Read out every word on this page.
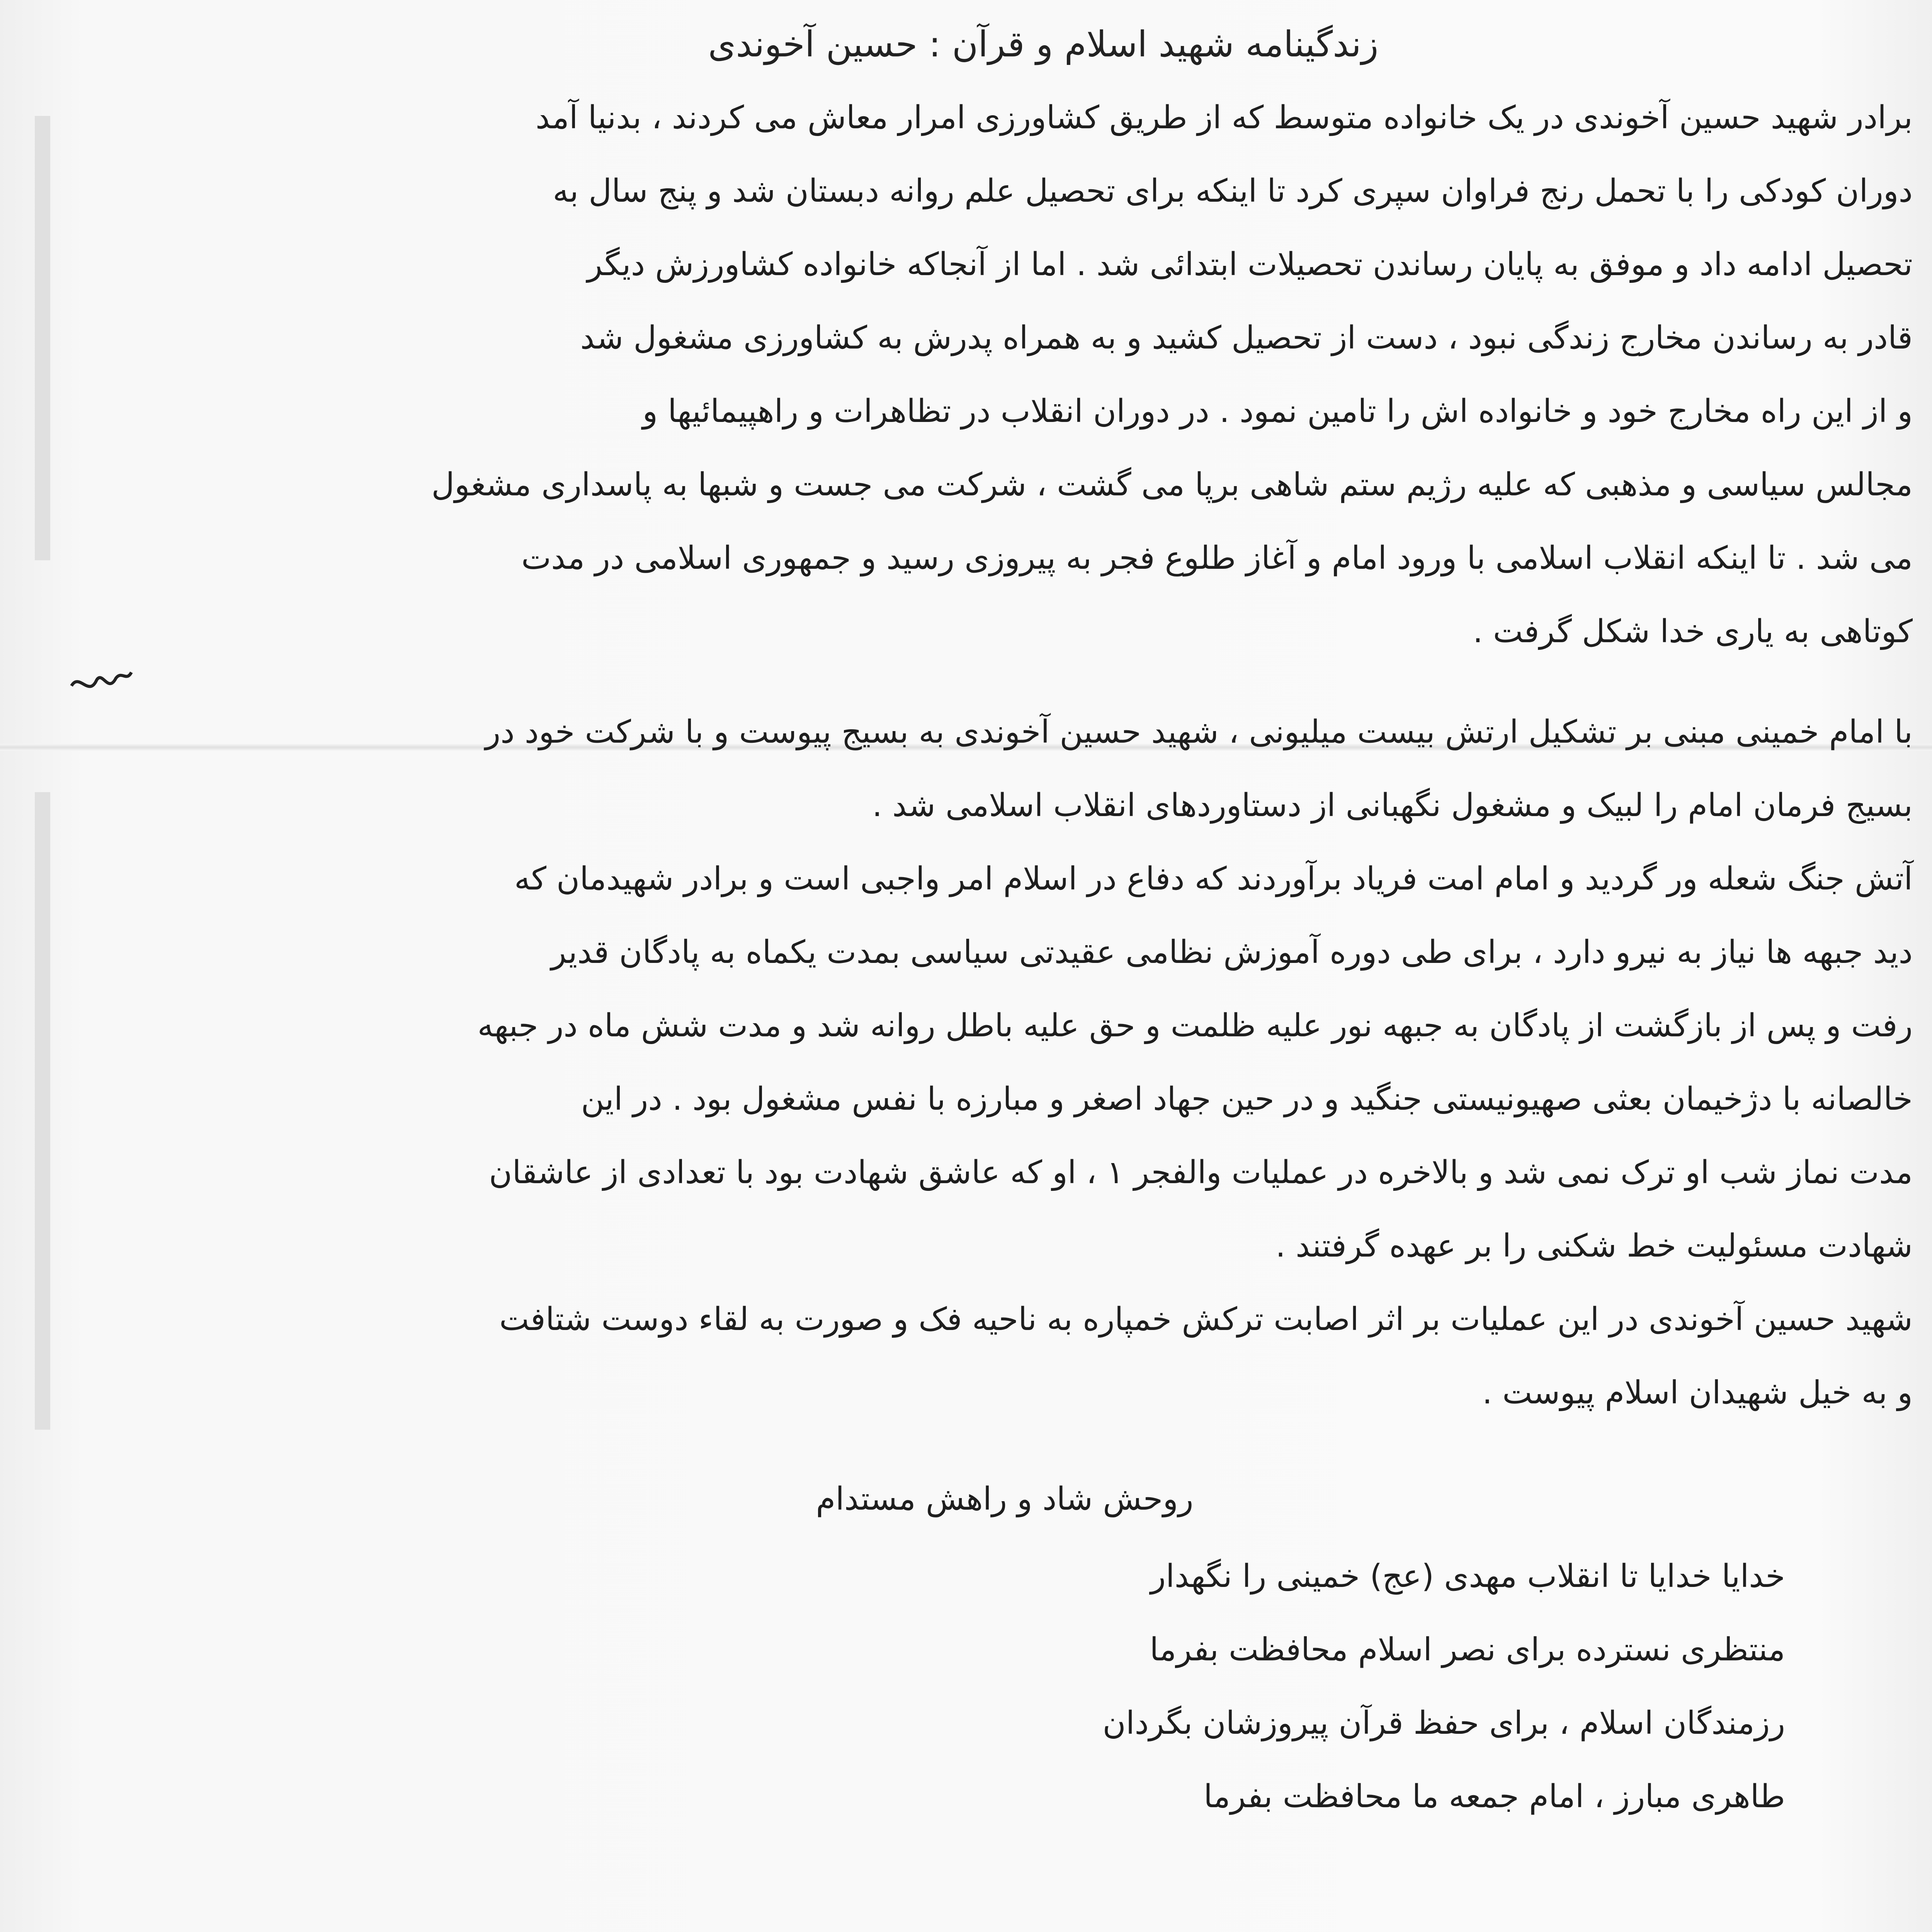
زندگینامه شهید اسلام و قرآن : حسین آخوندی
برادر شهید حسین آخوندی در یک خانواده متوسط که از طریق کشاورزی امرار معاش می کردند ، بدنیا آمد
دوران کودکی را با تحمل رنج فراوان سپری کرد تا اینکه برای تحصیل علم روانه دبستان شد و پنج سال به
تحصیل ادامه داد و موفق به پایان رساندن تحصیلات ابتدائی شد . اما از آنجاکه خانواده کشاورزش دیگر
قادر به رساندن مخارج زندگی نبود ، دست از تحصیل کشید و به همراه پدرش به کشاورزی مشغول شد
و از این راه مخارج خود و خانواده اش را تامین نمود . در دوران انقلاب در تظاهرات و راهپیمائیها و
مجالس سیاسی و مذهبی که علیه رژیم ستم شاهی برپا می گشت ، شرکت می جست و شبها به پاسداری مشغول
می شد . تا اینکه انقلاب اسلامی با ورود امام و آغاز طلوع فجر به پیروزی رسید و جمهوری اسلامی در مدت
کوتاهی به یاری خدا شکل گرفت .
با امام خمینی مبنی بر تشکیل ارتش بیست میلیونی ، شهید حسین آخوندی به بسیج پیوست و با شرکت خود در
بسیج فرمان امام را لبیک و مشغول نگهبانی از دستاوردهای انقلاب اسلامی شد .
آتش جنگ شعله ور گردید و امام امت فریاد برآوردند که دفاع در اسلام امر واجبی است و برادر شهیدمان که
دید جبهه ها نیاز به نیرو دارد ، برای طی دوره آموزش نظامی عقیدتی سیاسی بمدت یکماه به پادگان قدیر
رفت و پس از بازگشت از پادگان به جبهه نور علیه ظلمت و حق علیه باطل روانه شد و مدت شش ماه در جبهه
خالصانه با دژخیمان بعثی صهیونیستی جنگید و در حین جهاد اصغر و مبارزه با نفس مشغول بود . در این
مدت نماز شب او ترک نمی شد و بالاخره در عملیات والفجر ۱ ، او که عاشق شهادت بود با تعدادی از عاشقان
شهادت مسئولیت خط شکنی را بر عهده گرفتند .
شهید حسین آخوندی در این عملیات بر اثر اصابت ترکش خمپاره به ناحیه فک و صورت به لقاء دوست شتافت
و به خیل شهیدان اسلام پیوست .
روحش شاد و راهش مستدام
خدایا خدایا تا انقلاب مهدی (عج) خمینی را نگهدار
منتظری نسترده برای نصر اسلام محافظت بفرما
رزمندگان اسلام ، برای حفظ قرآن پیروزشان بگردان
طاهری مبارز ، امام جمعه ما محافظت بفرما
